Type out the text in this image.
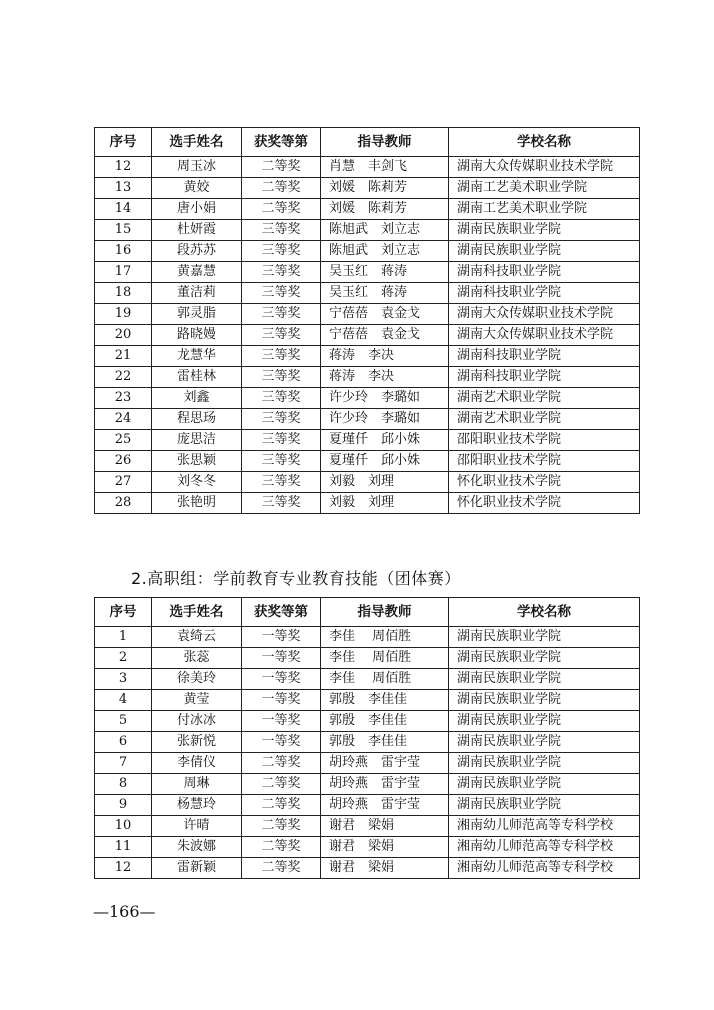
序号	选手姓名	获奖等第	指导教师	学校名称
12	周玉冰	二等奖	肖慧　丰剑飞	湖南大众传媒职业技术学院
13	黄姣	二等奖	刘媛　陈莉芳	湖南工艺美术职业学院
14	唐小娟	二等奖	刘媛　陈莉芳	湖南工艺美术职业学院
15	杜妍霞	三等奖	陈旭武　刘立志	湖南民族职业学院
16	段苏苏	三等奖	陈旭武　刘立志	湖南民族职业学院
17	黄嘉慧	三等奖	吴玉红　蒋涛	湖南科技职业学院
18	董洁莉	三等奖	吴玉红　蒋涛	湖南科技职业学院
19	郭灵脂	三等奖	宁蓓蓓　袁金戈	湖南大众传媒职业技术学院
20	路晓嫚	三等奖	宁蓓蓓　袁金戈	湖南大众传媒职业技术学院
21	龙慧华	三等奖	蒋涛　李决	湖南科技职业学院
22	雷桂林	三等奖	蒋涛　李决	湖南科技职业学院
23	刘鑫	三等奖	许少玲　李璐如	湖南艺术职业学院
24	程思玚	三等奖	许少玲　李璐如	湖南艺术职业学院
25	庞思洁	三等奖	夏瑾仟　邱小姝	邵阳职业技术学院
26	张思颖	三等奖	夏瑾仟　邱小姝	邵阳职业技术学院
27	刘冬冬	三等奖	刘毅　刘理	怀化职业技术学院
28	张艳明	三等奖	刘毅　刘理	怀化职业技术学院
2.高职组：学前教育专业教育技能（团体赛）
序号	选手姓名	获奖等第	指导教师	学校名称
1	袁绮云	一等奖	李佳　 周佰胜	湖南民族职业学院
2	张蕊	一等奖	李佳　 周佰胜	湖南民族职业学院
3	徐美玲	一等奖	李佳　 周佰胜	湖南民族职业学院
4	黄莹	一等奖	郭殷　李佳佳	湖南民族职业学院
5	付冰冰	一等奖	郭殷　李佳佳	湖南民族职业学院
6	张新悦	一等奖	郭殷　李佳佳	湖南民族职业学院
7	李倩仪	二等奖	胡玲燕　雷宇莹	湖南民族职业学院
8	周琳	二等奖	胡玲燕　雷宇莹	湖南民族职业学院
9	杨慧玲	二等奖	胡玲燕　雷宇莹	湖南民族职业学院
10	许晴	二等奖	谢君　梁娟	湘南幼儿师范高等专科学校
11	朱波娜	二等奖	谢君　梁娟	湘南幼儿师范高等专科学校
12	雷新颖	二等奖	谢君　梁娟	湘南幼儿师范高等专科学校
—166—
